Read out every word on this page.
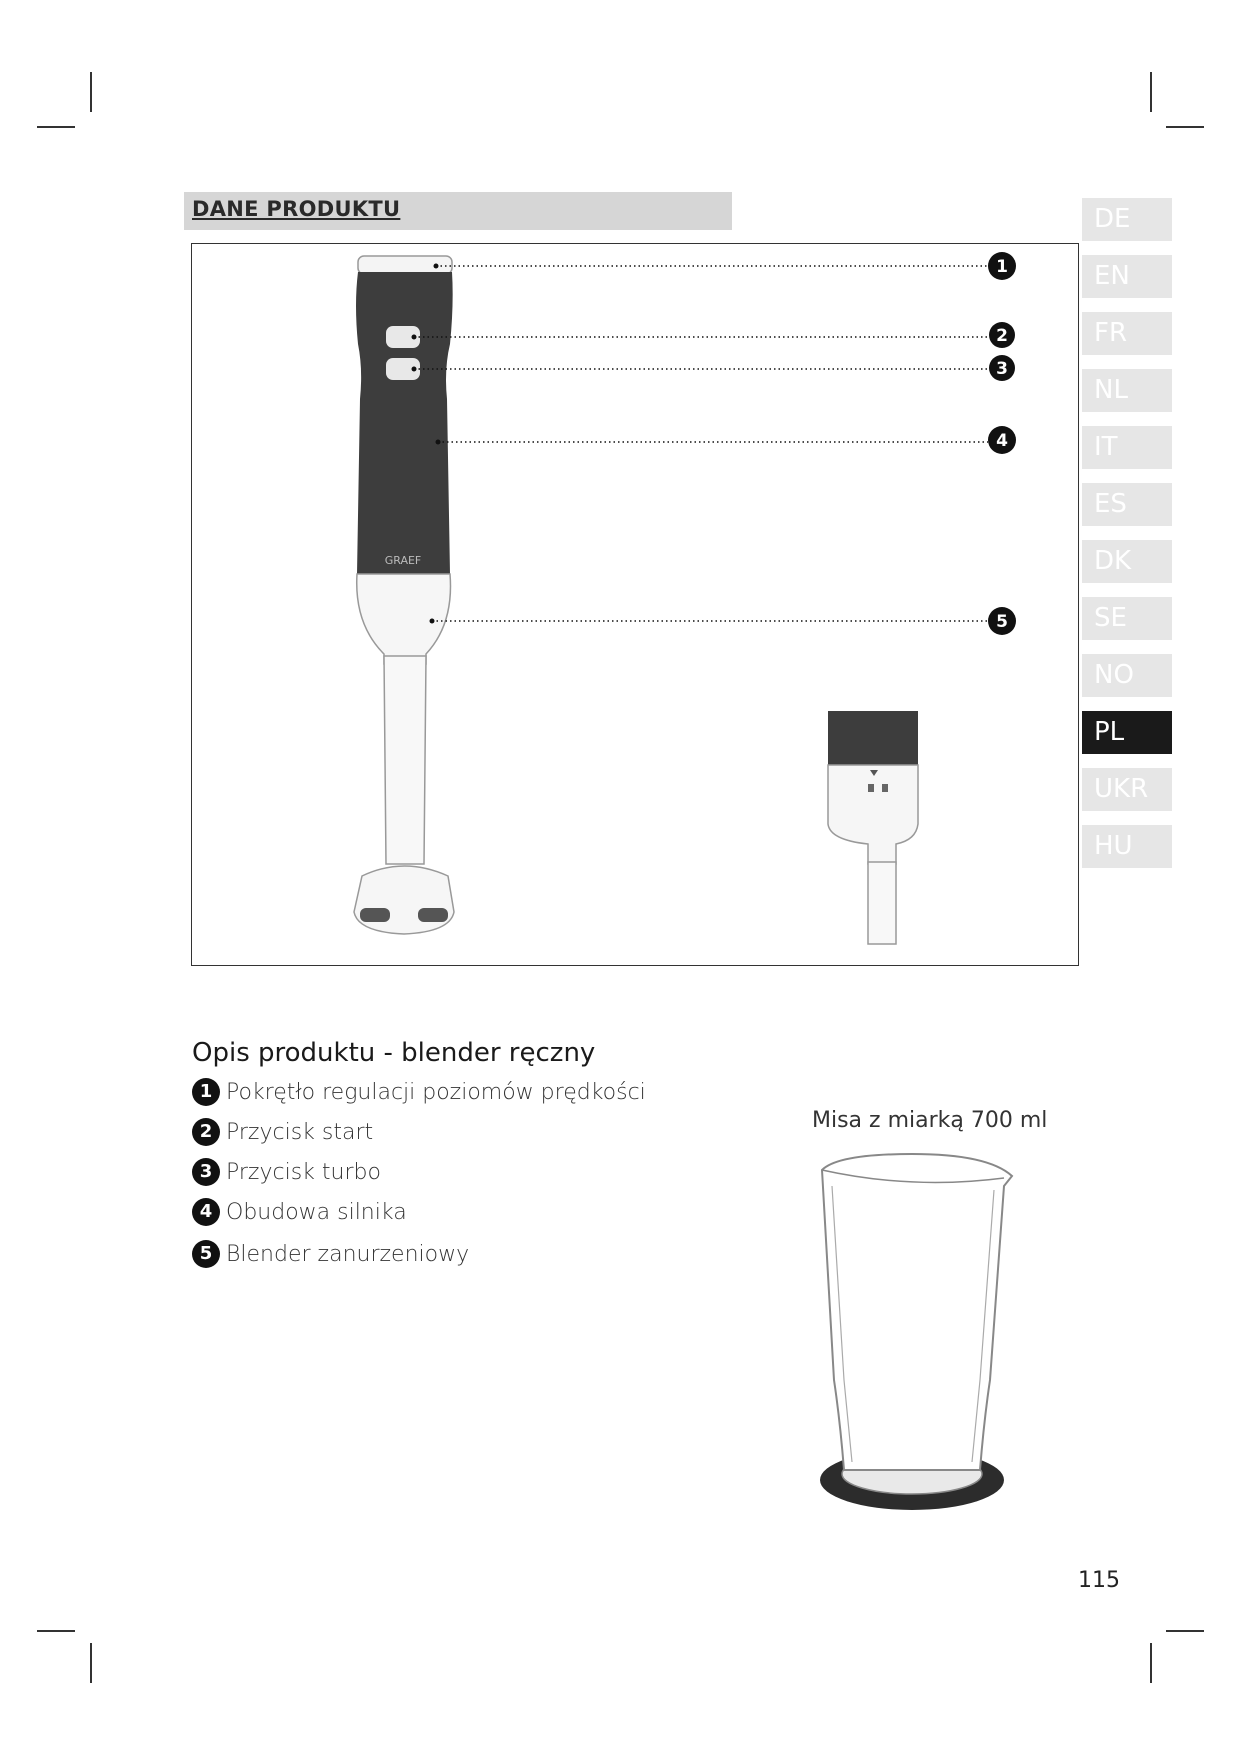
DANE PRODUKTU	DE
EN
FR
NL
IT
ES
DK
SE
NO
PL
UKR
HU
GRAEF
1
2
3
4
5
Opis produktu - blender ręczny
1 Pokrętło regulacji poziomów prędkości
2 Przycisk start
3 Przycisk turbo
4 Obudowa silnika
5 Blender zanurzeniowy
Misa z miarką 700 ml
115
